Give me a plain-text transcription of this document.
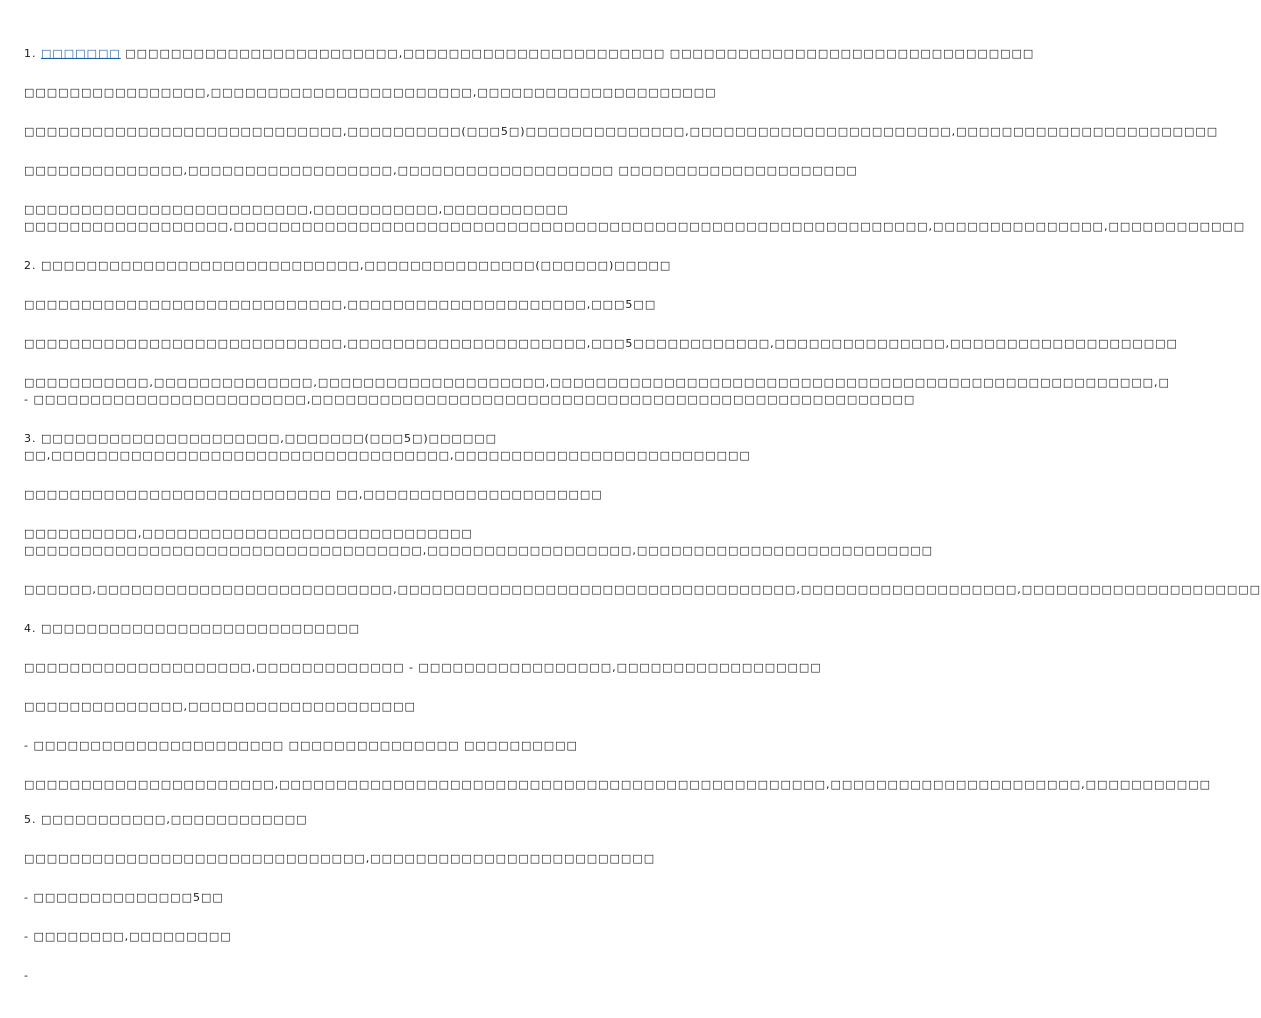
1. □□□□□□□ □□□□□□□□□□□□□□□□□□□□□□□□,□□□□□□□□□□□□□□□□□□□□□□□ □□□□□□□□□□□□□□□□□□□□□□□□□□□□□□□□
□□□□□□□□□□□□□□□□,□□□□□□□□□□□□□□□□□□□□□□□,□□□□□□□□□□□□□□□□□□□□□
□□□□□□□□□□□□□□□□□□□□□□□□□□□□,□□□□□□□□□□(□□□5□)□□□□□□□□□□□□□□,□□□□□□□□□□□□□□□□□□□□□□□,□□□□□□□□□□□□□□□□□□□□□□□
□□□□□□□□□□□□□□,□□□□□□□□□□□□□□□□□□,□□□□□□□□□□□□□□□□□□□ □□□□□□□□□□□□□□□□□□□□□
□□□□□□□□□□□□□□□□□□□□□□□□□,□□□□□□□□□□□,□□□□□□□□□□□
□□□□□□□□□□□□□□□□□□,□□□□□□□□□□□□□□□□□□□□□□□□□□□□□□□□□□□□□□□□□□□□□□□□□□□□□□□□□□□□□,□□□□□□□□□□□□□□□,□□□□□□□□□□□□
2. □□□□□□□□□□□□□□□□□□□□□□□□□□□□,□□□□□□□□□□□□□□□(□□□□□□)□□□□□
□□□□□□□□□□□□□□□□□□□□□□□□□□□□,□□□□□□□□□□□□□□□□□□□□□,□□□5□□
□□□□□□□□□□□□□□□□□□□□□□□□□□□□,□□□□□□□□□□□□□□□□□□□□□,□□□5□□□□□□□□□□□□,□□□□□□□□□□□□□□□,□□□□□□□□□□□□□□□□□□□□
□□□□□□□□□□□,□□□□□□□□□□□□□□,□□□□□□□□□□□□□□□□□□□□,□□□□□□□□□□□□□□□□□□□□□□□□□□□□□□□□□□□□□□□□□□□□□□□□□□□□□,□
- □□□□□□□□□□□□□□□□□□□□□□□□,□□□□□□□□□□□□□□□□□□□□□□□□□□□□□□□□□□□□□□□□□□□□□□□□□□□□□
3. □□□□□□□□□□□□□□□□□□□□□,□□□□□□□(□□□5□)□□□□□□
□□,□□□□□□□□□□□□□□□□□□□□□□□□□□□□□□□□□□□,□□□□□□□□□□□□□□□□□□□□□□□□□□
□□□□□□□□□□□□□□□□□□□□□□□□□□□ □□,□□□□□□□□□□□□□□□□□□□□□
□□□□□□□□□□,□□□□□□□□□□□□□□□□□□□□□□□□□□□□□
□□□□□□□□□□□□□□□□□□□□□□□□□□□□□□□□□□□,□□□□□□□□□□□□□□□□□□,□□□□□□□□□□□□□□□□□□□□□□□□□□
□□□□□□,□□□□□□□□□□□□□□□□□□□□□□□□□□,□□□□□□□□□□□□□□□□□□□□□□□□□□□□□□□□□□□,□□□□□□□□□□□□□□□□□□□,□□□□□□□□□□□□□□□□□□□□□
4. □□□□□□□□□□□□□□□□□□□□□□□□□□□□
□□□□□□□□□□□□□□□□□□□□,□□□□□□□□□□□□□ - □□□□□□□□□□□□□□□□□,□□□□□□□□□□□□□□□□□□
□□□□□□□□□□□□□□,□□□□□□□□□□□□□□□□□□□□
- □□□□□□□□□□□□□□□□□□□□□□ □□□□□□□□□□□□□□□ □□□□□□□□□□
□□□□□□□□□□□□□□□□□□□□□□,□□□□□□□□□□□□□□□□□□□□□□□□□□□□□□□□□□□□□□□□□□□□□□□□,□□□□□□□□□□□□□□□□□□□□□□,□□□□□□□□□□□
5. □□□□□□□□□□□,□□□□□□□□□□□□
□□□□□□□□□□□□□□□□□□□□□□□□□□□□□□,□□□□□□□□□□□□□□□□□□□□□□□□□
- □□□□□□□□□□□□□□5□□
- □□□□□□□□,□□□□□□□□□
-
